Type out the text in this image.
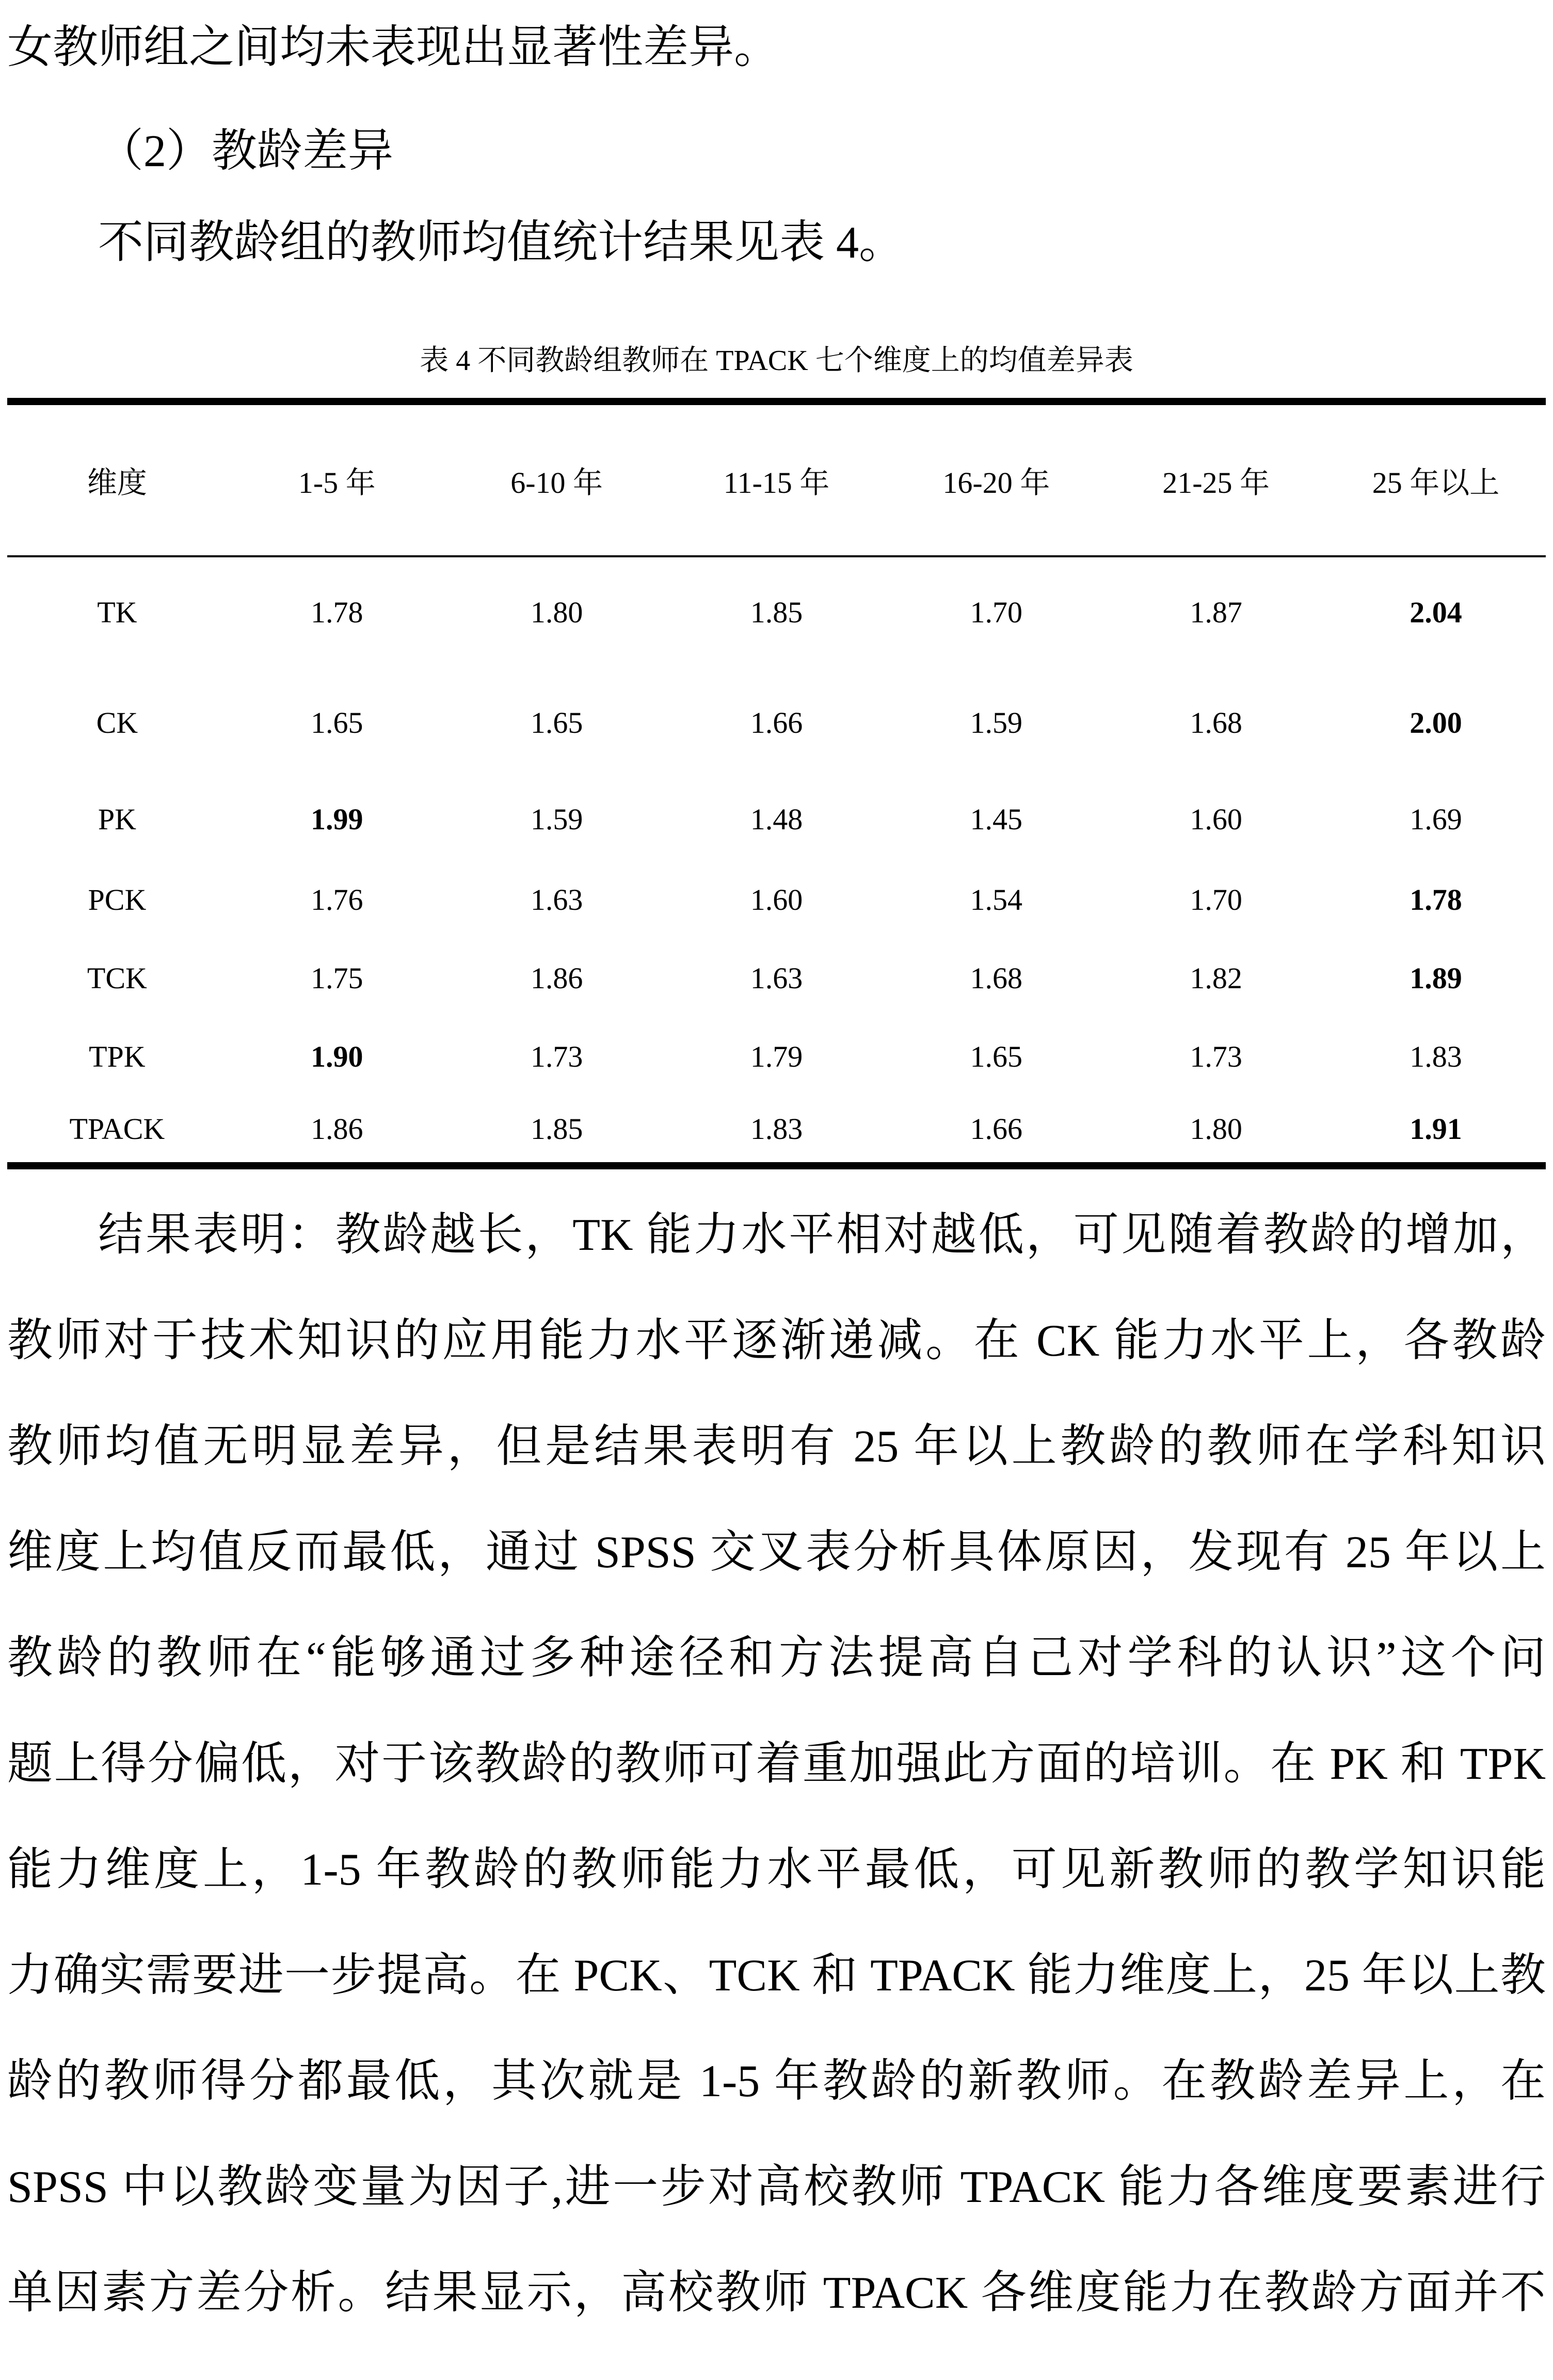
女教师组之间均未表现出显著性差异。
（2）教龄差异
不同教龄组的教师均值统计结果见表 4。
表 4 不同教龄组教师在 TPACK 七个维度上的均值差异表
维度	1-5 年	6-10 年	11-15 年	16-20 年	21-25 年	25 年以上
TK	1.78	1.80	1.85	1.70	1.87	2.04
CK	1.65	1.65	1.66	1.59	1.68	2.00
PK	1.99	1.59	1.48	1.45	1.60	1.69
PCK	1.76	1.63	1.60	1.54	1.70	1.78
TCK	1.75	1.86	1.63	1.68	1.82	1.89
TPK	1.90	1.73	1.79	1.65	1.73	1.83
TPACK	1.86	1.85	1.83	1.66	1.80	1.91
结果表明：教龄越长，TK 能力水平相对越低，可见随着教龄的增加，
教师对于技术知识的应用能力水平逐渐递减。在 CK 能力水平上，各教龄
教师均值无明显差异，但是结果表明有 25 年以上教龄的教师在学科知识
维度上均值反而最低，通过 SPSS 交叉表分析具体原因，发现有 25 年以上
教龄的教师在“能够通过多种途径和方法提高自己对学科的认识”这个问
题上得分偏低，对于该教龄的教师可着重加强此方面的培训。在 PK 和 TPK
能力维度上，1-5 年教龄的教师能力水平最低，可见新教师的教学知识能
力确实需要进一步提高。在 PCK、TCK 和 TPACK 能力维度上，25 年以上教
龄的教师得分都最低，其次就是 1-5 年教龄的新教师。在教龄差异上，在
SPSS 中以教龄变量为因子,进一步对高校教师 TPACK 能力各维度要素进行
单因素方差分析。结果显示，高校教师 TPACK 各维度能力在教龄方面并不
